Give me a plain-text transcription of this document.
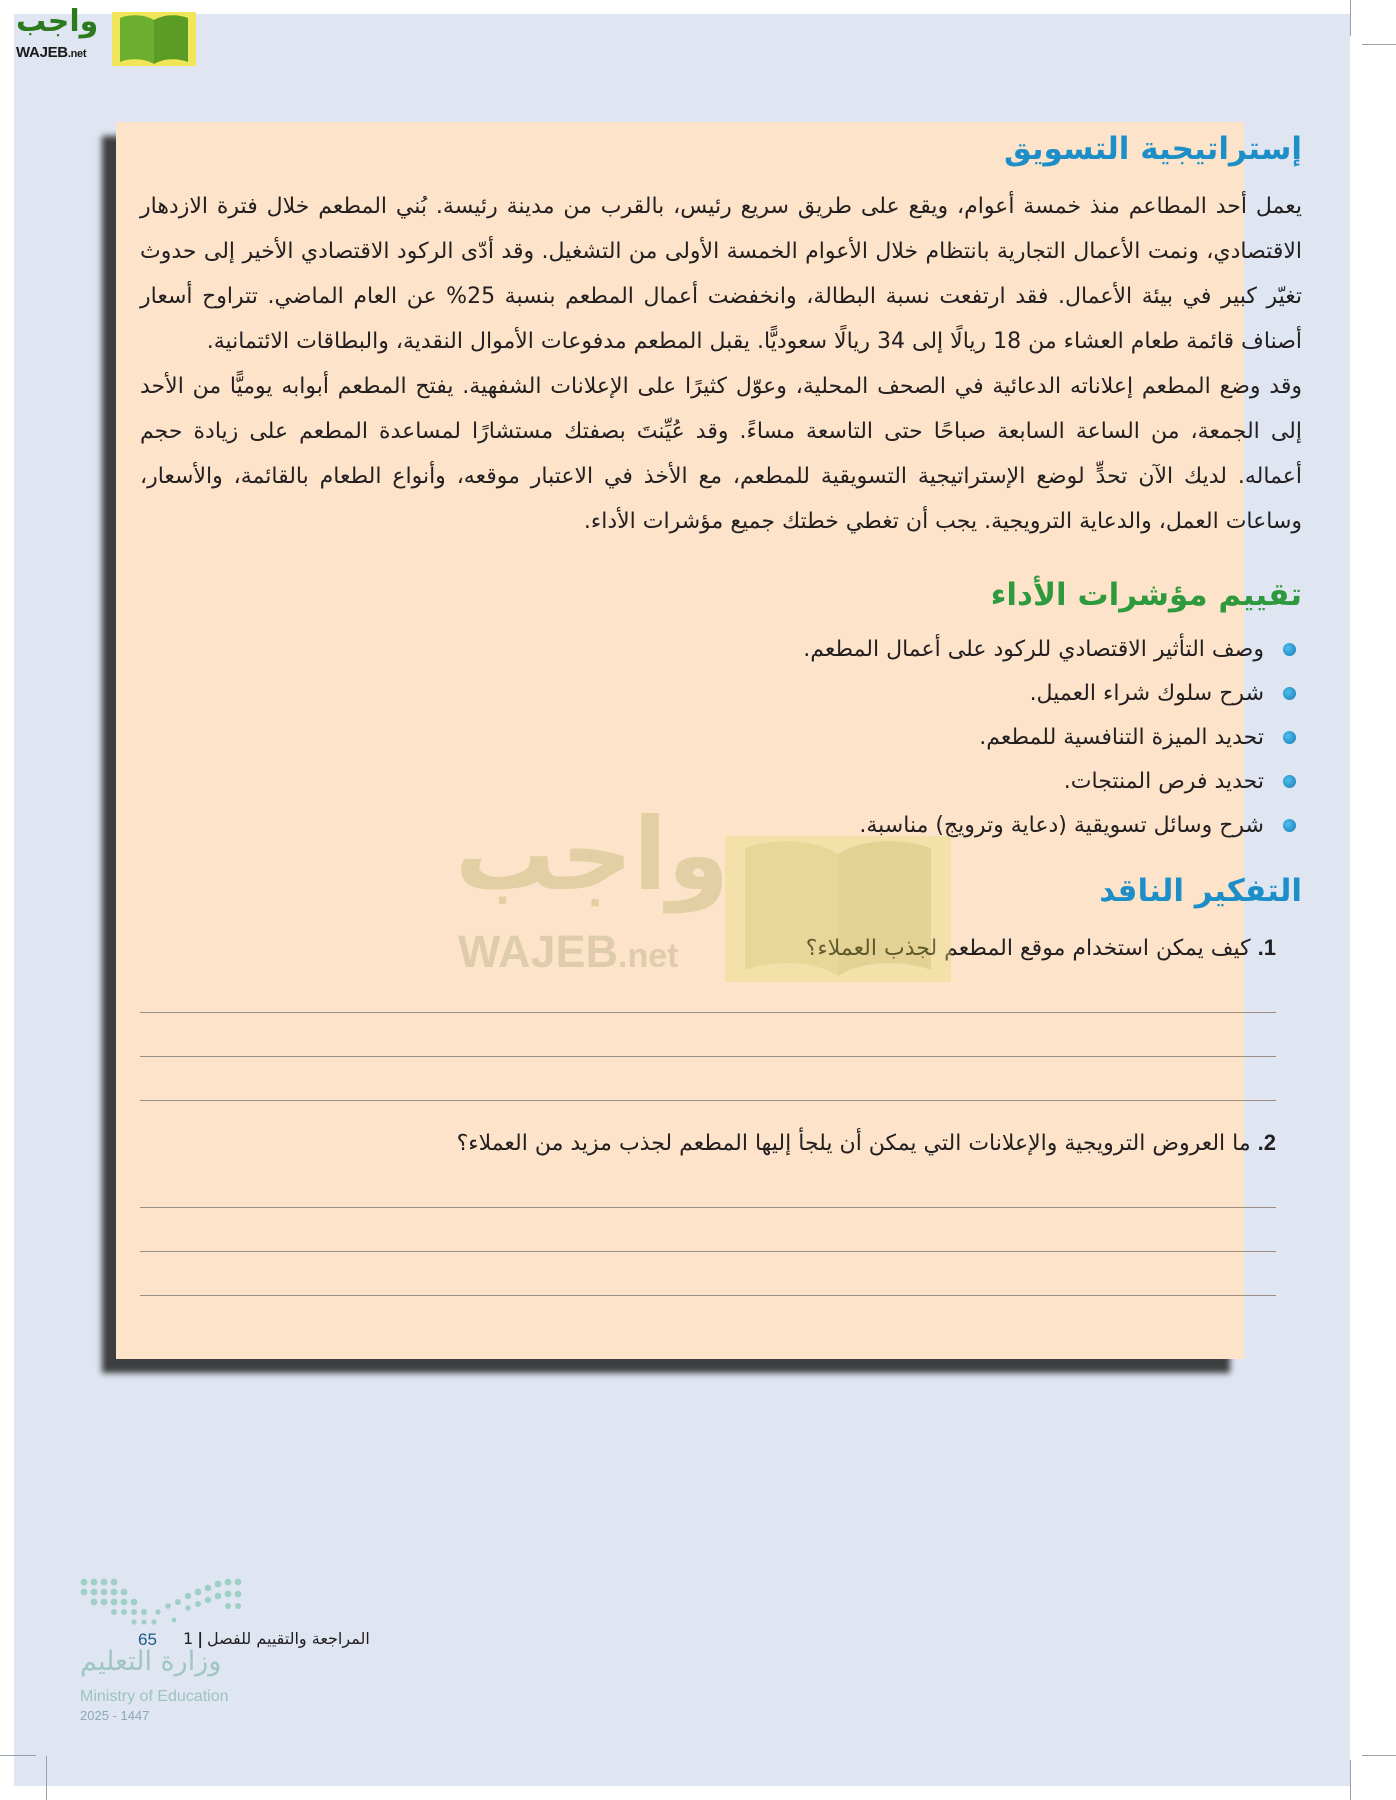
واجب
WAJEB.net
إستراتيجية التسويق

يعمل أحد المطاعم منذ خمسة أعوام، ويقع على طريق سريع رئيس، بالقرب من مدينة رئيسة. بُني المطعم خلال فترة الازدهار الاقتصادي، ونمت الأعمال التجارية بانتظام خلال الأعوام الخمسة الأولى من التشغيل. وقد أدّى الركود الاقتصادي الأخير إلى حدوث تغيّر كبير في بيئة الأعمال. فقد ارتفعت نسبة البطالة، وانخفضت أعمال المطعم بنسبة 25% عن العام الماضي. تتراوح أسعار أصناف قائمة طعام العشاء من 18 ريالًا إلى 34 ريالًا سعوديًّا. يقبل المطعم مدفوعات الأموال النقدية، والبطاقات الائتمانية.

وقد وضع المطعم إعلاناته الدعائية في الصحف المحلية، وعوّل كثيرًا على الإعلانات الشفهية. يفتح المطعم أبوابه يوميًّا من الأحد إلى الجمعة، من الساعة السابعة صباحًا حتى التاسعة مساءً. وقد عُيِّنتَ بصفتك مستشارًا لمساعدة المطعم على زيادة حجم أعماله. لديك الآن تحدٍّ لوضع الإستراتيجية التسويقية للمطعم، مع الأخذ في الاعتبار موقعه، وأنواع الطعام بالقائمة، والأسعار، وساعات العمل، والدعاية الترويجية. يجب أن تغطي خطتك جميع مؤشرات الأداء.

تقييم مؤشرات الأداء
وصف التأثير الاقتصادي للركود على أعمال المطعم.
شرح سلوك شراء العميل.
تحديد الميزة التنافسية للمطعم.
تحديد فرص المنتجات.
شرح وسائل تسويقية (دعاية وترويج) مناسبة.
التفكير الناقد
1. كيف يمكن استخدام موقع المطعم لجذب العملاء؟
2. ما العروض الترويجية والإعلانات التي يمكن أن يلجأ إليها المطعم لجذب مزيد من العملاء؟
واجب
WAJEB.net
65 1 | المراجعة والتقييم للفصل
وزارة التعليم
Ministry of Education
2025 - 1447
